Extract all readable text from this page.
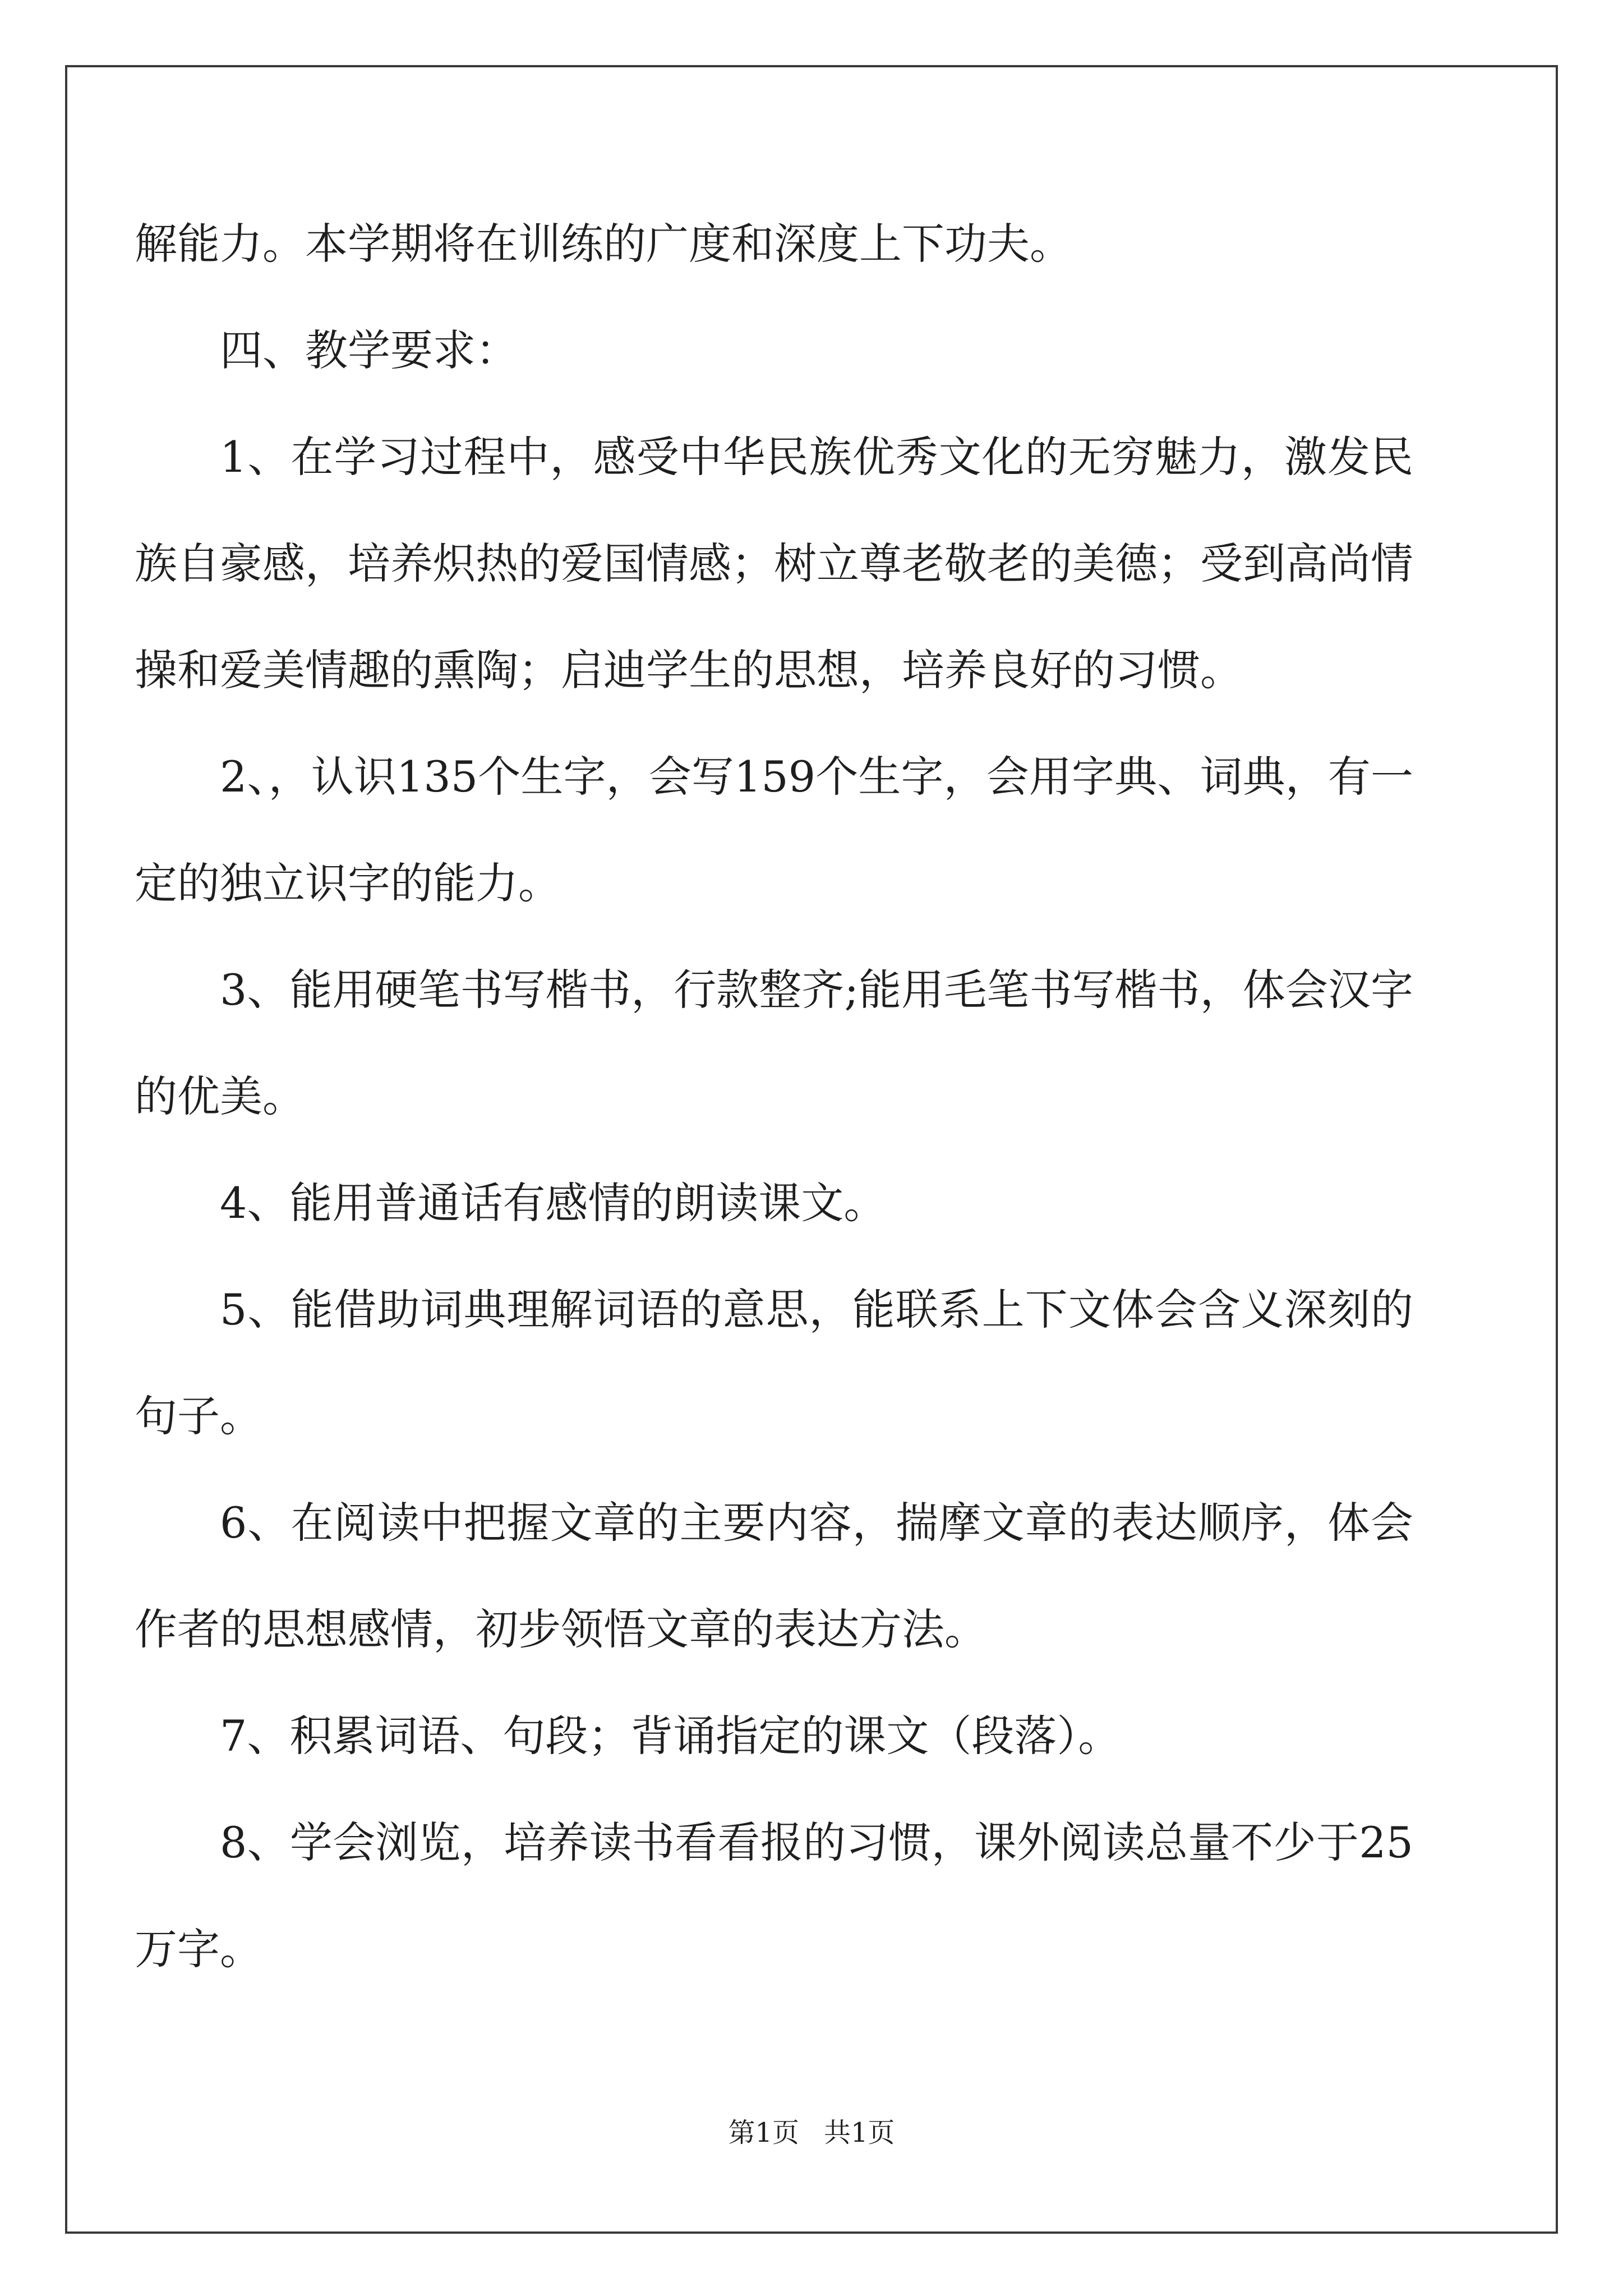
解能力。本学期将在训练的广度和深度上下功夫。

四、教学要求：

1、在学习过程中，感受中华民族优秀文化的无穷魅力，激发民族自豪感，培养炽热的爱国情感；树立尊老敬老的美德；受到高尚情操和爱美情趣的熏陶；启迪学生的思想，培养良好的习惯。

2、，认识135个生字，会写159个生字，会用字典、词典，有一定的独立识字的能力。

3、能用硬笔书写楷书，行款整齐;能用毛笔书写楷书，体会汉字的优美。

4、能用普通话有感情的朗读课文。

5、能借助词典理解词语的意思，能联系上下文体会含义深刻的句子。

6、在阅读中把握文章的主要内容，揣摩文章的表达顺序，体会作者的思想感情，初步领悟文章的表达方法。

7、积累词语、句段；背诵指定的课文（段落）。

8、学会浏览，培养读书看看报的习惯，课外阅读总量不少于25万字。

第1页 共1页
